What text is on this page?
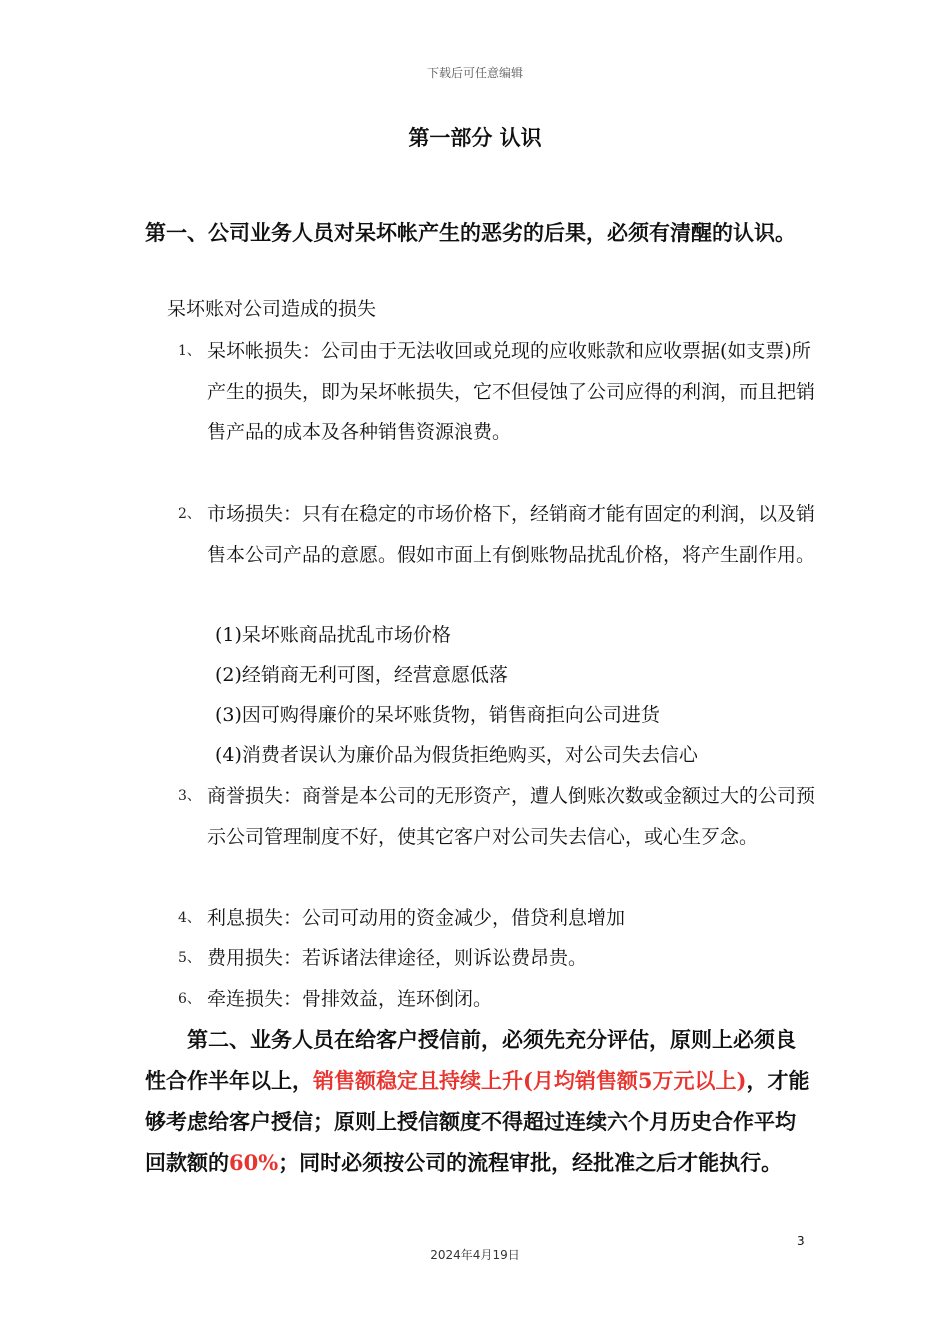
下载后可任意编辑
第一部分 认识
第一、公司业务人员对呆坏帐产生的恶劣的后果，必须有清醒的认识。
呆坏账对公司造成的损失
1、 呆坏帐损失：公司由于无法收回或兑现的应收账款和应收票据(如支票)所产生的损失，即为呆坏帐损失，它不但侵蚀了公司应得的利润，而且把销售产品的成本及各种销售资源浪费。
2、 市场损失：只有在稳定的市场价格下，经销商才能有固定的利润，以及销售本公司产品的意愿。假如市面上有倒账物品扰乱价格，将产生副作用。
(1)呆坏账商品扰乱市场价格
(2)经销商无利可图，经营意愿低落
(3)因可购得廉价的呆坏账货物，销售商拒向公司进货
(4)消费者误认为廉价品为假货拒绝购买，对公司失去信心
3、 商誉损失：商誉是本公司的无形资产，遭人倒账次数或金额过大的公司预示公司管理制度不好，使其它客户对公司失去信心，或心生歹念。
4、 利息损失：公司可动用的资金减少，借贷利息增加
5、 费用损失：若诉诸法律途径，则诉讼费昂贵。
6、 牵连损失：骨排效益，连环倒闭。
第二、业务人员在给客户授信前，必须先充分评估，原则上必须良性合作半年以上，销售额稳定且持续上升(月均销售额5万元以上)，才能够考虑给客户授信；原则上授信额度不得超过连续六个月历史合作平均回款额的60%；同时必须按公司的流程审批，经批准之后才能执行。
3
2024年4月19日
